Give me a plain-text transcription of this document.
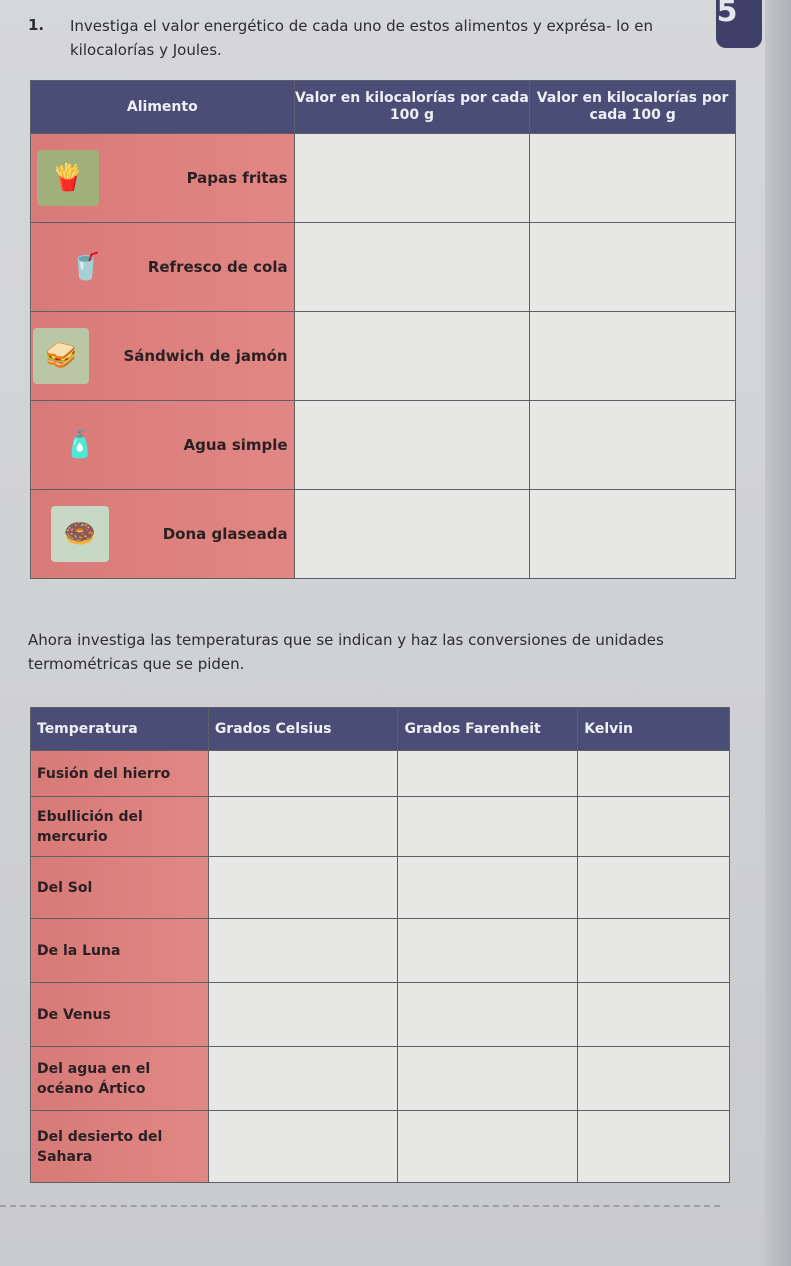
5
1. Investiga el valor energético de cada uno de estos alimentos y exprésa- lo en kilocalorías y Joules.
Alimento	Valor en kilocalorías por cada 100 g	Valor en kilocalorías por cada 100 g

🍟 Papas fritas		

🥤 Refresco de cola		

🥪 Sándwich de jamón		

🧴 Agua simple		

🍩 Dona glaseada		
Ahora investiga las temperaturas que se indican y haz las conversiones de unidades termométricas que se piden.
Temperatura	Grados Celsius	Grados Farenheit	Kelvin
Fusión del hierro			
Ebullición del mercurio			
Del Sol			
De la Luna			
De Venus			
Del agua en el océano Ártico			
Del desierto del Sahara			
